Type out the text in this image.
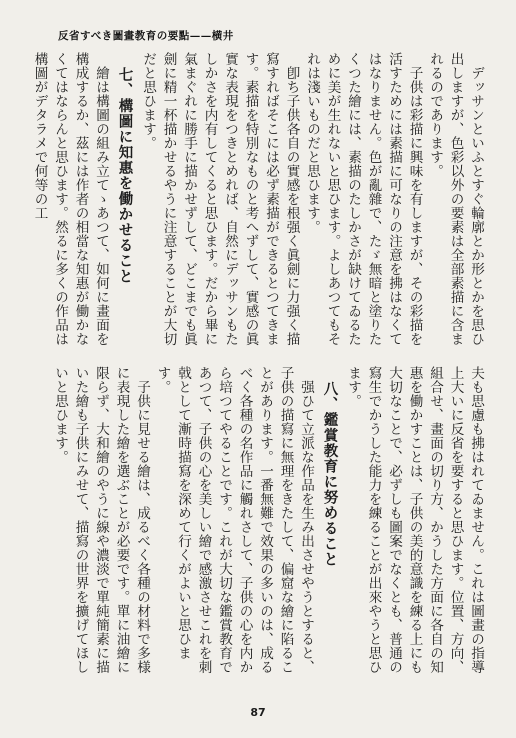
反省すべき圖畫教育の要點——横井

デッサンといふとすぐ輪廓とか形とかを思ひ出しますが、色彩以外の要素は全部素描に含まれるのであります。

子供は彩描に興味を有しますが、その彩描を活すためには素描に可なりの注意を拂はなくてはなりません。色が亂雜で、たゞ無暗と塗りたくつた繪には、素描のたしかさが缺けてゐるために美が生れないと思ひます。よしあつてもそれは淺いものだと思ひます。

卽ち子供各自の實感を根强く眞劍に力强く描寫すればそこには必ず素描ができるとつてきます。素描を特別なものと考へずして、實感の眞實な表現をつきとめれば、自然にデッサンもたしかさを内有してくると思ひます。だから畢に氣まぐれに勝手に描かせずして、どこまでも眞劍に精一杯描かせるやうに注意することが大切だと思ひます。

七、構圖に知惠を働かせること

繪は構圖の組み立てゝあつて、如何に畫面を構成するか、茲には作者の相當な知惠が働かなくてはならんと思ひます。然るに多くの作品は構圖がデタラメで何等の工

夫も思慮も拂はれてゐません。これは圖畫の指導上大いに反省を要すると思ひます。位置、方向、組合せ、畫面の切り方、かうした方面に各自の知惠を働かすことは、子供の美的意識を練る上にも大切なことで、必ずしも圖案でなくとも、普通の寫生でかうした能力を練ることが出來やうと思ひます。

八、鑑賞教育に努めること

强ひて立派な作品を生み出させやうとすると、子供の描寫に無理をきたして、偏窟な繪に陷ることがあります。一番無難で效果の多いのは、成るべく各種の名作品に觸れさして、子供の心を内から培つてやることです。これが大切な鑑賞教育であつて、子供の心を美しい繪で感激させこれを刺戟として漸時描寫を深めて行くがよいと思ひます。

子供に見せる繪は、成るべく各種の材料で多様に表現した繪を選ぶことが必要です。單に油繪に限らず、大和繪のやうに線や濃淡で單純簡素に描いた繪も子供にみせて、描寫の世界を擴げてほしいと思ひます。

87
